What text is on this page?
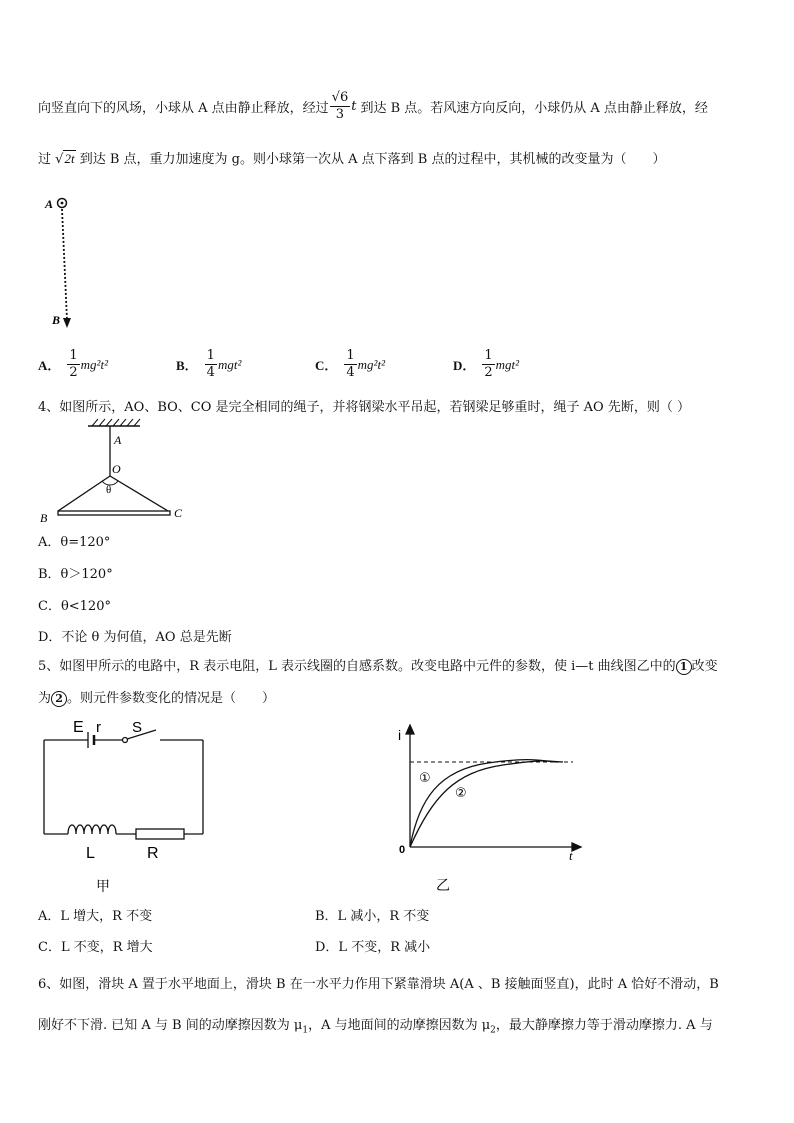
向竖直向下的风场，小球从 A 点由静止释放，经过 $\frac{√6}{3}$ t 到达 B 点。若风速方向反向，小球仍从 A 点由静止释放，经
过 √2t 到达 B 点，重力加速度为 g。则小球第一次从 A 点下落到 B 点的过程中，其机械的改变量为（　　）
A
B
A． $\frac{1}{2} mg^2t^2$	B． $\frac{1}{4} mgt^2$	C． $\frac{1}{4} mg^2t^2$	D． $\frac{1}{2} mgt^2$
4、如图所示，AO、BO、CO 是完全相同的绳子，并将钢梁水平吊起，若钢梁足够重时，绳子 AO 先断，则（ ）
A
O
θ
B	C
A．θ=120°
B．θ＞120°
C．θ<120°
D．不论 θ 为何值，AO 总是先断
5、如图甲所示的电路中，R 表示电阻，L 表示线圈的自感系数。改变电路中元件的参数，使 i—t 曲线图乙中的 1 改变
为 2 。则元件参数变化的情况是（　　）
E r S
L	R
甲
i
0	t
①
②
乙
A．L 增大，R 不变	B．L 减小，R 不变
C．L 不变，R 增大	D．L 不变，R 减小
6、如图，滑块 A 置于水平地面上，滑块 B 在一水平力作用下紧靠滑块 A(A 、B 接触面竖直)，此时 A 恰好不滑动，B
刚好不下滑. 已知 A 与 B 间的动摩擦因数为 $\mu_1$，A 与地面间的动摩擦因数为 $\mu_2$，最大静摩擦力等于滑动摩擦力. A 与
